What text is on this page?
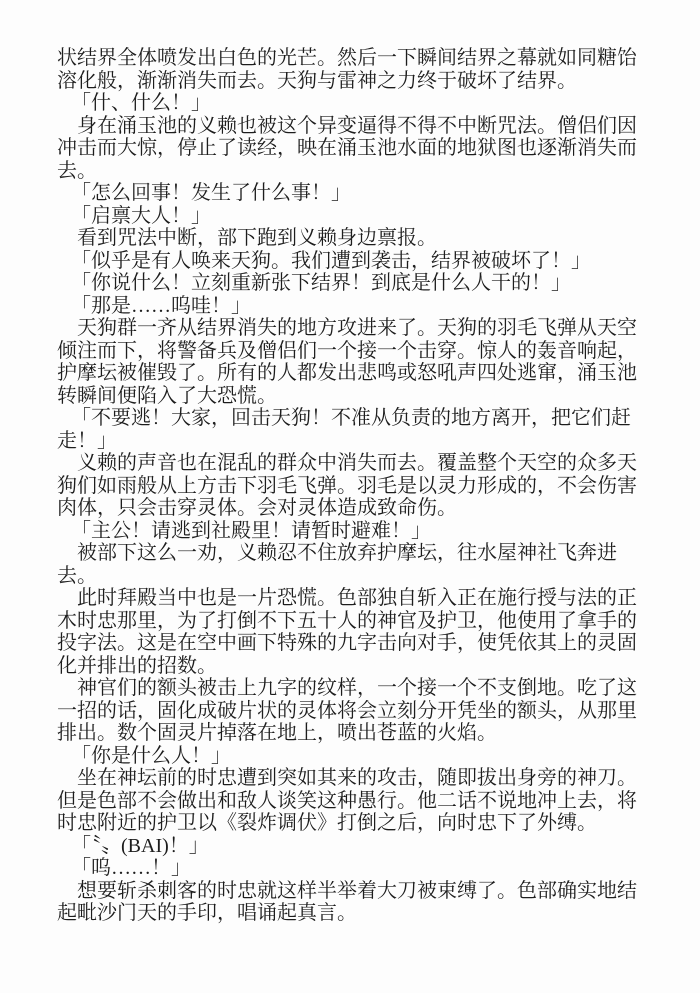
状结界全体喷发出白色的光芒。然后一下瞬间结界之幕就如同糖饴
溶化般，渐渐消失而去。天狗与雷神之力终于破坏了结界。
「什、什么！」
身在涌玉池的义赖也被这个异变逼得不得不中断咒法。僧侣们因
冲击而大惊，停止了读经，映在涌玉池水面的地狱图也逐渐消失而
去。
「怎么回事！发生了什么事！」
「启禀大人！」
看到咒法中断，部下跑到义赖身边禀报。
「似乎是有人唤来天狗。我们遭到袭击，结界被破坏了！」
「你说什么！立刻重新张下结界！到底是什么人干的！」
「那是……呜哇！」
天狗群一齐从结界消失的地方攻进来了。天狗的羽毛飞弹从天空
倾注而下，将警备兵及僧侣们一个接一个击穿。惊人的轰音响起，
护摩坛被催毁了。所有的人都发出悲鸣或怒吼声四处逃窜，涌玉池
转瞬间便陷入了大恐慌。
「不要逃！大家，回击天狗！不准从负责的地方离开，把它们赶
走！」
义赖的声音也在混乱的群众中消失而去。覆盖整个天空的众多天
狗们如雨般从上方击下羽毛飞弹。羽毛是以灵力形成的，不会伤害
肉体，只会击穿灵体。会对灵体造成致命伤。
「主公！请逃到社殿里！请暂时避难！」
被部下这么一劝，义赖忍不住放弃护摩坛，往水屋神社飞奔进
去。
此时拜殿当中也是一片恐慌。色部独自斩入正在施行授与法的正
木时忠那里，为了打倒不下五十人的神官及护卫，他使用了拿手的
投字法。这是在空中画下特殊的九字击向对手，使凭依其上的灵固
化并排出的招数。
神官们的额头被击上九字的纹样，一个接一个不支倒地。吃了这
一招的话，固化成破片状的灵体将会立刻分开凭坐的额头，从那里
排出。数个固灵片掉落在地上，喷出苍蓝的火焰。
「你是什么人！」
坐在神坛前的时忠遭到突如其来的攻击，随即拔出身旁的神刀。
但是色部不会做出和敌人谈笑这种愚行。他二话不说地冲上去，将
时忠附近的护卫以《裂炸调伏》打倒之后，向时忠下了外缚。
「〝〟(BAI)！」
「呜……！」
想要斩杀刺客的时忠就这样半举着大刀被束缚了。色部确实地结
起毗沙门天的手印，唱诵起真言。
